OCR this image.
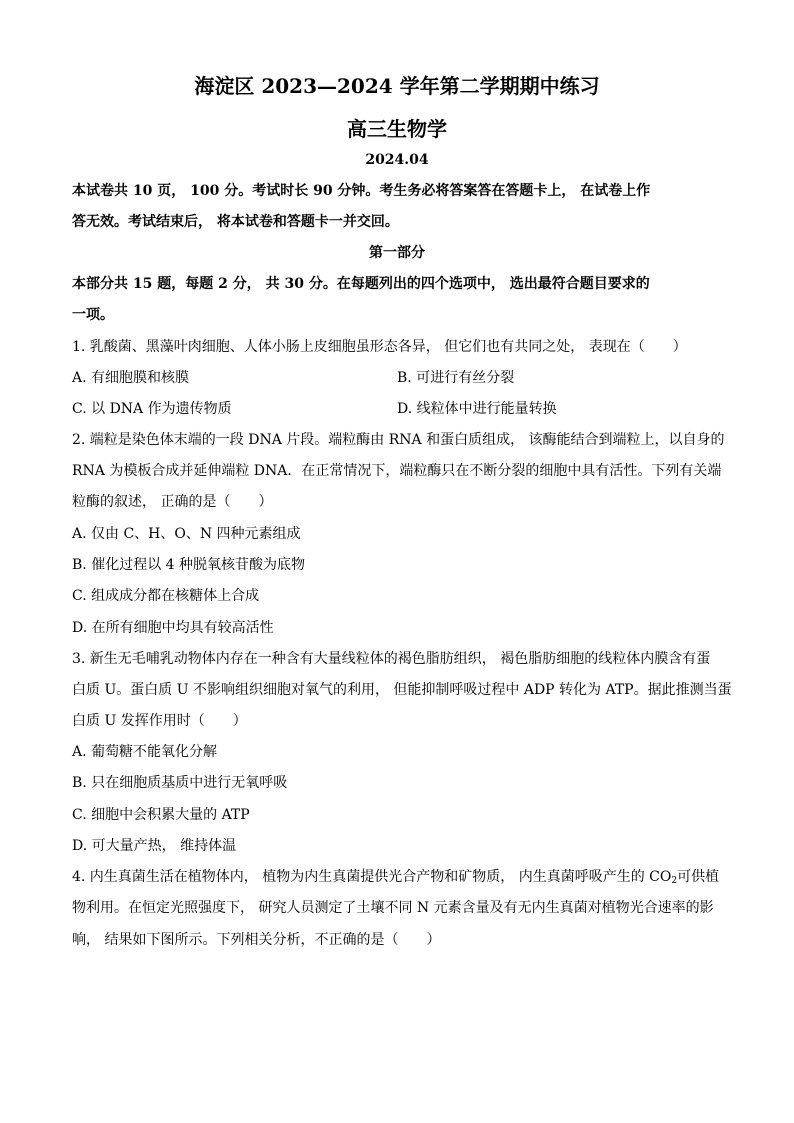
海淀区 2023—2024 学年第二学期期中练习
高三生物学
2024.04
本试卷共 10 页， 100 分。考试时长 90 分钟。考生务必将答案答在答题卡上， 在试卷上作
答无效。考试结束后， 将本试卷和答题卡一并交回。
第一部分
本部分共 15 题，每题 2 分， 共 30 分。在每题列出的四个选项中， 选出最符合题目要求的
一项。
1. 乳酸菌、黑藻叶肉细胞、人体小肠上皮细胞虽形态各异， 但它们也有共同之处， 表现在（　　）
A. 有细胞膜和核膜	B. 可进行有丝分裂
C. 以 DNA 作为遗传物质	D. 线粒体中进行能量转换
2. 端粒是染色体末端的一段 DNA 片段。端粒酶由 RNA 和蛋白质组成， 该酶能结合到端粒上，以自身的
RNA 为模板合成并延伸端粒 DNA．在正常情况下，端粒酶只在不断分裂的细胞中具有活性。下列有关端
粒酶的叙述， 正确的是（　　）
A. 仅由 C、H、O、N 四种元素组成
B. 催化过程以 4 种脱氧核苷酸为底物
C. 组成成分都在核糖体上合成
D. 在所有细胞中均具有较高活性
3. 新生无毛哺乳动物体内存在一种含有大量线粒体的褐色脂肪组织， 褐色脂肪细胞的线粒体内膜含有蛋
白质 U。蛋白质 U 不影响组织细胞对氧气的利用， 但能抑制呼吸过程中 ADP 转化为 ATP。据此推测当蛋
白质 U 发挥作用时（　　）
A. 葡萄糖不能氧化分解
B. 只在细胞质基质中进行无氧呼吸
C. 细胞中会积累大量的 ATP
D. 可大量产热， 维持体温
4. 内生真菌生活在植物体内， 植物为内生真菌提供光合产物和矿物质， 内生真菌呼吸产生的 $CO_2$可供植
物利用。在恒定光照强度下， 研究人员测定了土壤不同 N 元素含量及有无内生真菌对植物光合速率的影
响， 结果如下图所示。下列相关分析，不正确的是（　　）
